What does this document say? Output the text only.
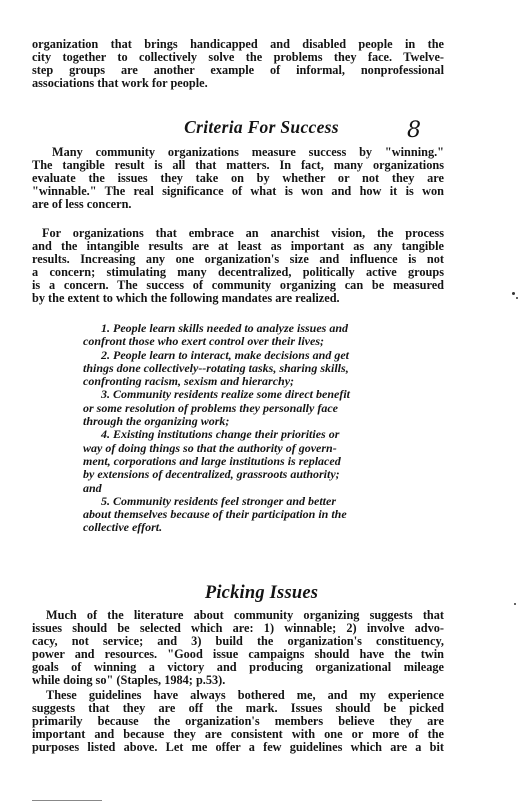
organization that brings handicapped and disabled people in the
city together to collectively solve the problems they face. Twelve-
step groups are another example of informal, nonprofessional
associations that work for people.
Criteria For Success	8
Many community organizations measure success by "winning."
The tangible result is all that matters. In fact, many organizations
evaluate the issues they take on by whether or not they are
"winnable." The real significance of what is won and how it is won
are of less concern.
For organizations that embrace an anarchist vision, the process
and the intangible results are at least as important as any tangible
results. Increasing any one organization's size and influence is not
a concern; stimulating many decentralized, politically active groups
is a concern. The success of community organizing can be measured
by the extent to which the following mandates are realized.
1. People learn skills needed to analyze issues and
confront those who exert control over their lives;
2. People learn to interact, make decisions and get
things done collectively--rotating tasks, sharing skills,
confronting racism, sexism and hierarchy;
3. Community residents realize some direct benefit
or some resolution of problems they personally face
through the organizing work;
4. Existing institutions change their priorities or
way of doing things so that the authority of govern-
ment, corporations and large institutions is replaced
by extensions of decentralized, grassroots authority;
and
5. Community residents feel stronger and better
about themselves because of their participation in the
collective effort.
Picking Issues
Much of the literature about community organizing suggests that
issues should be selected which are: 1) winnable; 2) involve advo-
cacy, not service; and 3) build the organization's constituency,
power and resources. "Good issue campaigns should have the twin
goals of winning a victory and producing organizational mileage
while doing so" (Staples, 1984; p.53).
These guidelines have always bothered me, and my experience
suggests that they are off the mark. Issues should be picked
primarily because the organization's members believe they are
important and because they are consistent with one or more of the
purposes listed above. Let me offer a few guidelines which are a bit
